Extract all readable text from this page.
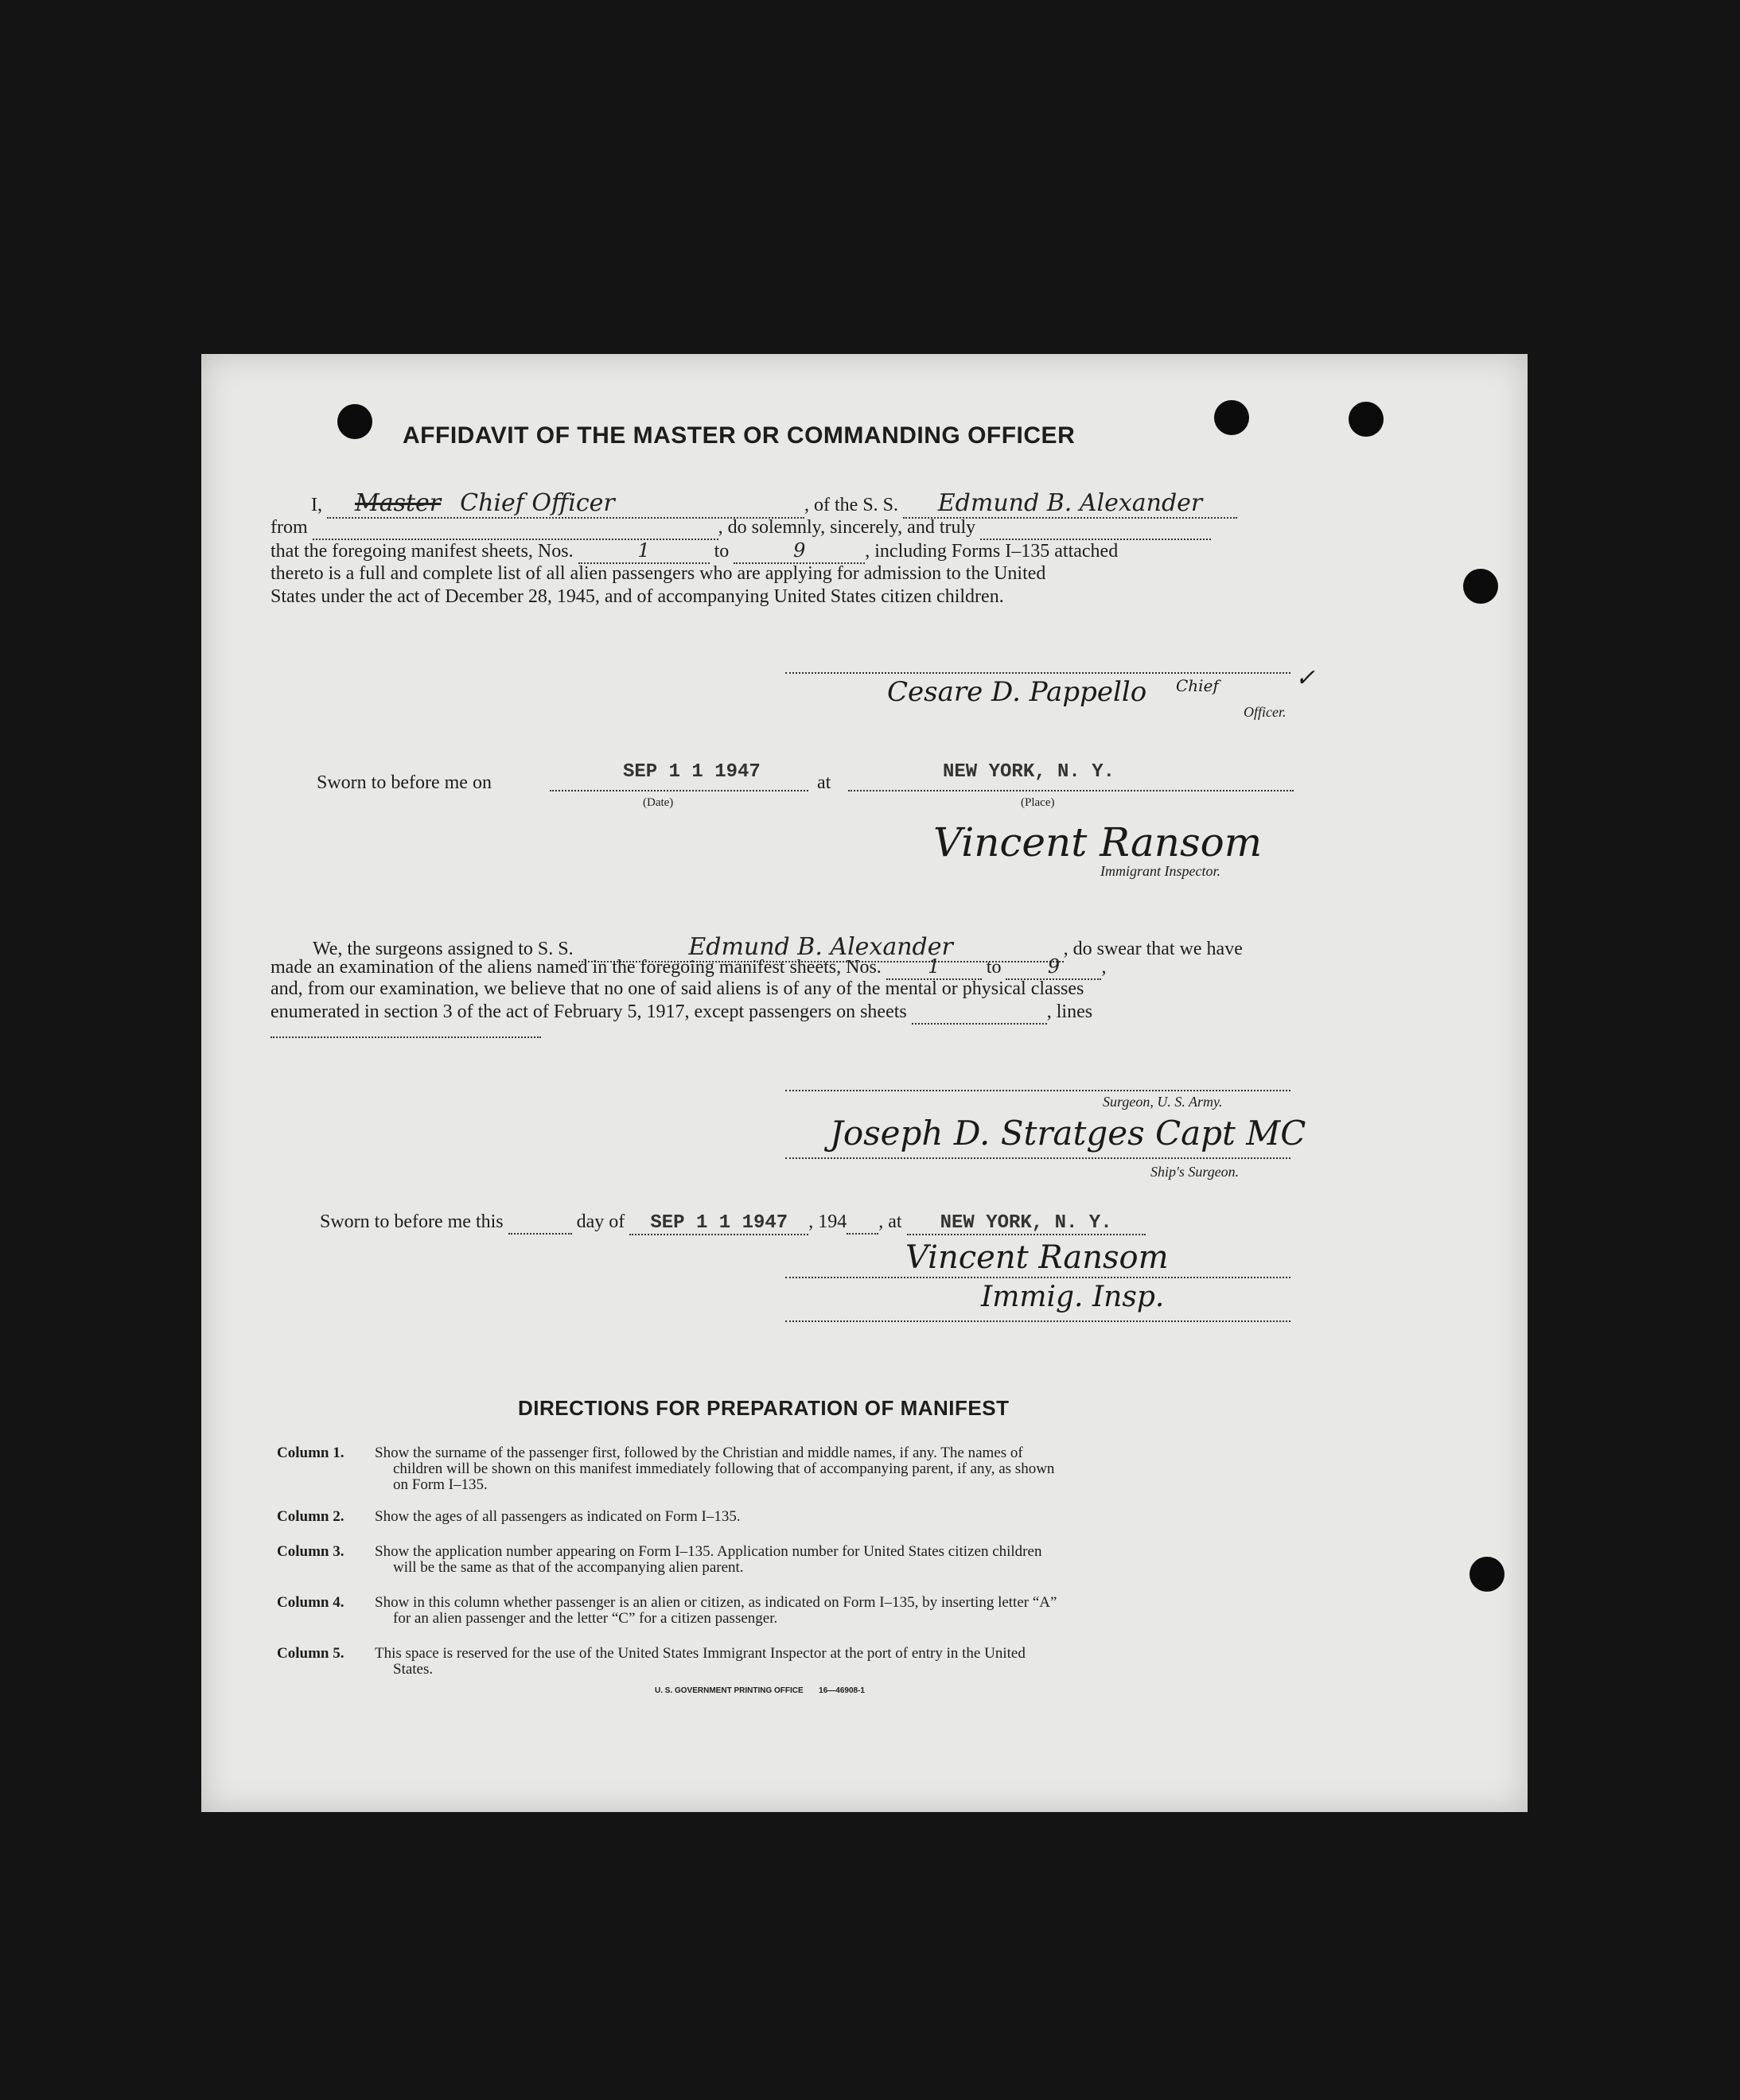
AFFIDAVIT OF THE MASTER OR COMMANDING OFFICER
I, Master Chief Officer	, of the S. S. Edmund B. Alexander
from	, do solemnly, sincerely, and truly
that the foregoing manifest sheets, Nos.	1	to	9	, including Forms I–135 attached
thereto is a full and complete list of all alien passengers who are applying for admission to the United
States under the act of December 28, 1945, and of accompanying United States citizen children.
Cesare D. Pappello Chief
Officer.
✓
Sworn to before me on	SEP 1 1 1947
(Date)
at	NEW YORK, N. Y.
(Place)
Vincent Ransom
Immigrant Inspector.
We, the surgeons assigned to S. S.	Edmund B. Alexander	, do swear that we have
made an examination of the aliens named in the foregoing manifest sheets, Nos. 1 to 9 ,
and, from our examination, we believe that no one of said aliens is of any of the mental or physical classes
enumerated in section 3 of the act of February 5, 1917, except passengers on sheets	, lines
Surgeon, U. S. Army.
Joseph D. Stratges Capt MC
Ship's Surgeon.
Sworn to before me this	day of SEP 1 1 1947 , 194 , at NEW YORK, N. Y.
Vincent Ransom
Immig. Insp.
DIRECTIONS FOR PREPARATION OF MANIFEST
Column 1. Show the surname of the passenger first, followed by the Christian and middle names, if any. The names of
children will be shown on this manifest immediately following that of accompanying parent, if any, as shown
on Form I–135.
Column 2. Show the ages of all passengers as indicated on Form I–135.
Column 3. Show the application number appearing on Form I–135. Application number for United States citizen children
will be the same as that of the accompanying alien parent.
Column 4. Show in this column whether passenger is an alien or citizen, as indicated on Form I–135, by inserting letter “A”
for an alien passenger and the letter “C” for a citizen passenger.
Column 5. This space is reserved for the use of the United States Immigrant Inspector at the port of entry in the United
States.
U. S. GOVERNMENT PRINTING OFFICE 16—46908-1
